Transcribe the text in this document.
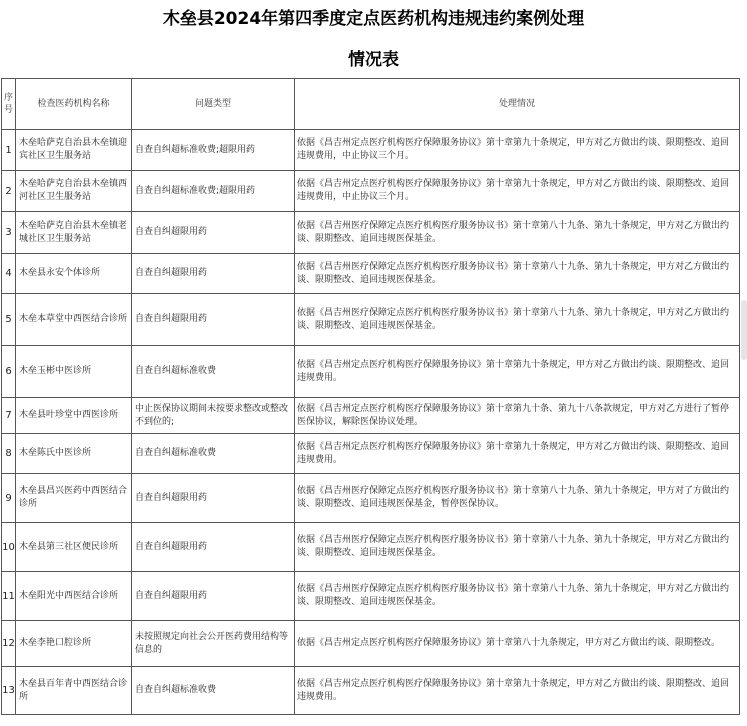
木垒县2024年第四季度定点医药机构违规违约案例处理
情况表
序号	检查医药机构名称	问题类型	处理情况
1	木垒哈萨克自治县木垒镇迎宾社区卫生服务站	自查自纠超标准收费;超限用药	依据《昌吉州定点医疗机构医疗保障服务协议》第十章第九十条规定，甲方对乙方做出约谈、限期整改、追回违规费用，中止协议三个月。
2	木垒哈萨克自治县木垒镇西河社区卫生服务站	自查自纠超标准收费;超限用药	依据《昌吉州定点医疗机构医疗保障服务协议》第十章第九十条规定，甲方对乙方做出约谈、限期整改、追回违规费用，中止协议三个月。
3	木垒哈萨克自治县木垒镇老城社区卫生服务站	自查自纠超限用药	依据《昌吉州医疗保障定点医疗机构医疗服务协议书》第十章第八十九条、第九十条规定，甲方对乙方做出约谈、限期整改、追回违规医保基金。
4	木垒县永安个体诊所	自查自纠超限用药	依据《昌吉州医疗保障定点医疗机构医疗服务协议书》第十章第八十九条、第九十条规定，甲方对乙方做出约谈、限期整改、追回违规医保基金。
5	木垒本草堂中西医结合诊所	自查自纠超限用药	依据《昌吉州医疗保障定点医疗机构医疗服务协议书》第十章第八十九条、第九十条规定，甲方对乙方做出约谈、限期整改、追回违规医保基金。
6	木垒玉彬中医诊所	自查自纠超标准收费	依据《昌吉州定点医疗机构医疗保障服务协议》第十章第九十条规定，甲方对乙方做出约谈、限期整改、追回违规费用。
7	木垒县叶珍堂中西医诊所	中止医保协议期间未按要求整改或整改不到位的;	依据《昌吉州定点医疗机构医疗保障服务协议》第十章第九十条、第九十八条款规定，甲方对乙方进行了暂停医保协议，解除医保协议处理。
8	木垒陈氏中医诊所	自查自纠超标准收费	依据《昌吉州定点医疗机构医疗保障服务协议》第十章第九十条规定，甲方对乙方做出约谈、限期整改、追回违规费用。
9	木垒县昌兴医药中西医结合诊所	自查自纠超限用药	依据《昌吉州医疗保障定点医疗机构医疗服务协议书》第十章第八十九条、第九十条规定，甲方对了方做出约谈、限期整改、追回违规医保基金，暂停医保协议。
10	木垒县第三社区便民诊所	自查自纠超限用药	依据《昌吉州医疗保障定点医疗机构医疗服务协议书》第十章第八十九条、第九十条规定，甲方对乙方做出约谈、限期整改、追回违规医保基金。
11	木垒阳光中西医结合诊所	自查自纠超限用药	依据《昌吉州医疗保障定点医疗机构医疗服务协议书》第十章第八十九条、第九十条规定，甲方对乙方做出约谈、限期整改、追回违规医保基金。
12	木垒李艳口腔诊所	未按照规定向社会公开医药费用结构等信息的	依据《昌吉州定点医疗机构医疗保障服务协议》第十章第八十九条规定，甲方对乙方做出约谈、限期整改。
13	木垒县百年青中西医结合诊所	自查自纠超标准收费	依据《昌吉州定点医疗机构医疗保障服务协议》第十章第九十条规定，甲方对乙方做出约谈、限期整改、追回违规费用。
